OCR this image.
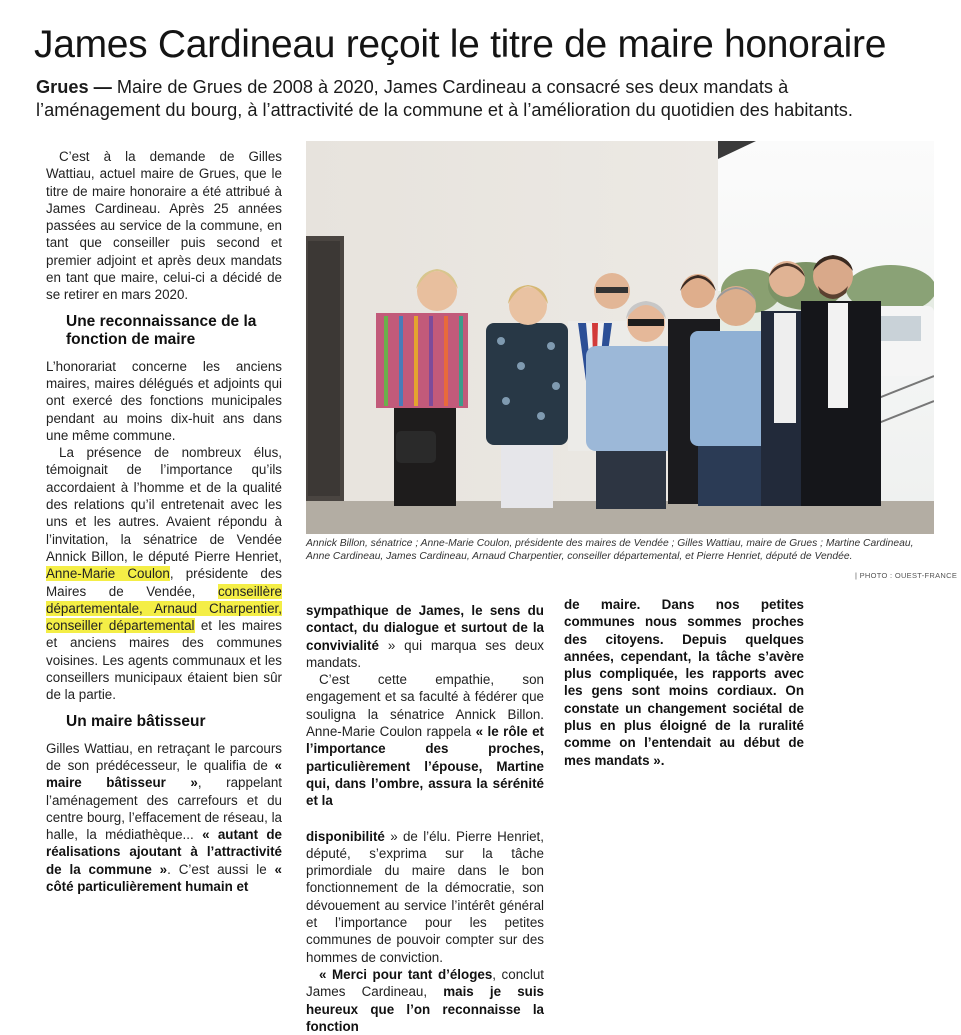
James Cardineau reçoit le titre de maire honoraire

Grues — Maire de Grues de 2008 à 2020, James Cardineau a consacré ses deux mandats à l’aménagement du bourg, à l’attractivité de la commune et à l’amélioration du quotidien des habitants.

C’est à la demande de Gilles Wattiau, actuel maire de Grues, que le titre de maire honoraire a été attribué à James Cardineau. Après 25 années passées au service de la commune, en tant que conseiller puis second et premier adjoint et après deux mandats en tant que maire, celui-ci a décidé de se retirer en mars 2020.

Une reconnaissance de la fonction de maire

L’honorariat concerne les anciens maires, maires délégués et adjoints qui ont exercé des fonctions municipales pendant au moins dix-huit ans dans une même commune.

La présence de nombreux élus, témoignait de l’importance qu’ils accordaient à l’homme et de la qualité des relations qu’il entretenait avec les uns et les autres. Avaient répondu à l’invitation, la sénatrice de Vendée Annick Billon, le député Pierre Henriet, Anne-Marie Coulon, présidente des Maires de Vendée, conseillère départementale, Arnaud Charpentier, conseiller départemental et les maires et anciens maires des communes voisines. Les agents communaux et les conseillers municipaux étaient bien sûr de la partie.

Un maire bâtisseur

Gilles Wattiau, en retraçant le parcours de son prédécesseur, le qualifia de « maire bâtisseur », rappelant l’aménagement des carrefours et du centre bourg, l’effacement de réseau, la halle, la médiathèque... « autant de réalisations ajoutant à l’attractivité de la commune ». C’est aussi le « côté particulièrement humain et

Annick Billon, sénatrice ; Anne-Marie Coulon, présidente des maires de Vendée ; Gilles Wattiau, maire de Grues ; Martine Cardineau, Anne Cardineau, James Cardineau, Arnaud Charpentier, conseiller départemental, et Pierre Henriet, député de Vendée.

| PHOTO : OUEST-FRANCE

sympathique de James, le sens du contact, du dialogue et surtout de la convivialité » qui marqua ses deux mandats.

C’est cette empathie, son engagement et sa faculté à fédérer que souligna la sénatrice Annick Billon. Anne-Marie Coulon rappela « le rôle et l’importance des proches, particulièrement l’épouse, Martine qui, dans l’ombre, assura la sérénité et la

disponibilité » de l’élu. Pierre Henriet, député, s’exprima sur la tâche primordiale du maire dans le bon fonctionnement de la démocratie, son dévouement au service l’intérêt général et l’importance pour les petites communes de pouvoir compter sur des hommes de conviction.

« Merci pour tant d’éloges, conclut James Cardineau, mais je suis heureux que l’on reconnaisse la fonction

de maire. Dans nos petites communes nous sommes proches des citoyens. Depuis quelques années, cependant, la tâche s’avère plus compliquée, les rapports avec les gens sont moins cordiaux. On constate un changement sociétal de plus en plus éloigné de la ruralité comme on l’entendait au début de mes mandats ».
